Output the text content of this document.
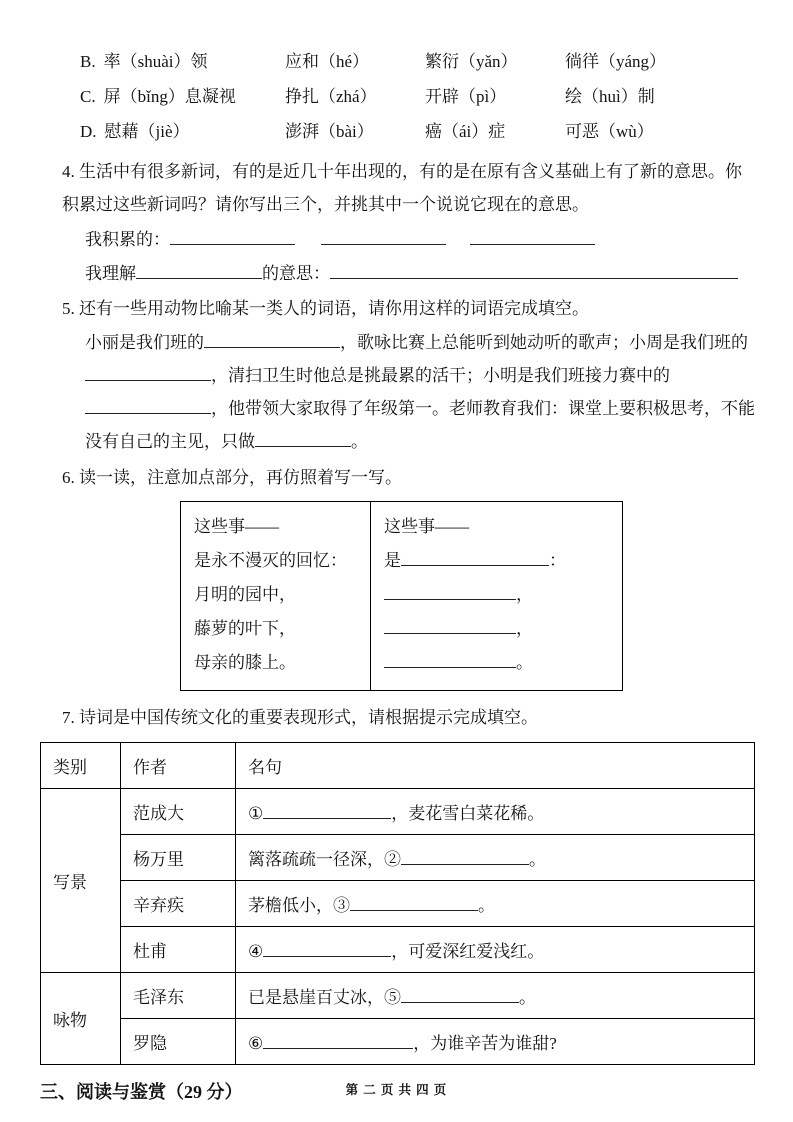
B. 率（shuài）领	应和（hé）	繁衍（yǎn）	徜徉（yáng）
C. 屏（bǐng）息凝视	挣扎（zhá）	开辟（pì）	绘（huì）制
D. 慰藉（jiè）	澎湃（bài）	癌（ái）症	可恶（wù）

4. 生活中有很多新词，有的是近几十年出现的，有的是在原有含义基础上有了新的意思。你积累过这些新词吗？请你写出三个，并挑其中一个说说它现在的意思。

我积累的：

我理解	的意思：

5. 还有一些用动物比喻某一类人的词语，请你用这样的词语完成填空。

小丽是我们班的	，歌咏比赛上总能听到她动听的歌声；小周是我们班的，清扫卫生时他总是挑最累的活干；小明是我们班接力赛中的，他带领大家取得了年级第一。老师教育我们：课堂上要积极思考，不能没有自己的主见，只做	。

6. 读一读，注意加点部分，再仿照着写一写。

这些事——
是永不漫灭的回忆：
月明的园中，
藤萝的叶下，
母亲的膝上。

这些事——
是	：
，
，
。

7. 诗词是中国传统文化的重要表现形式，请根据提示完成填空。

类别	作者	名句
写景	范成大	① ，麦花雪白菜花稀。
	杨万里	篱落疏疏一径深，② 。
	辛弃疾	茅檐低小，③ 。
	杜甫	④ ，可爱深红爱浅红。
咏物	毛泽东	已是悬崖百丈冰，⑤ 。
	罗隐	⑥ ，为谁辛苦为谁甜?

三、阅读与鉴赏（29 分）	第 二 页 共 四 页
